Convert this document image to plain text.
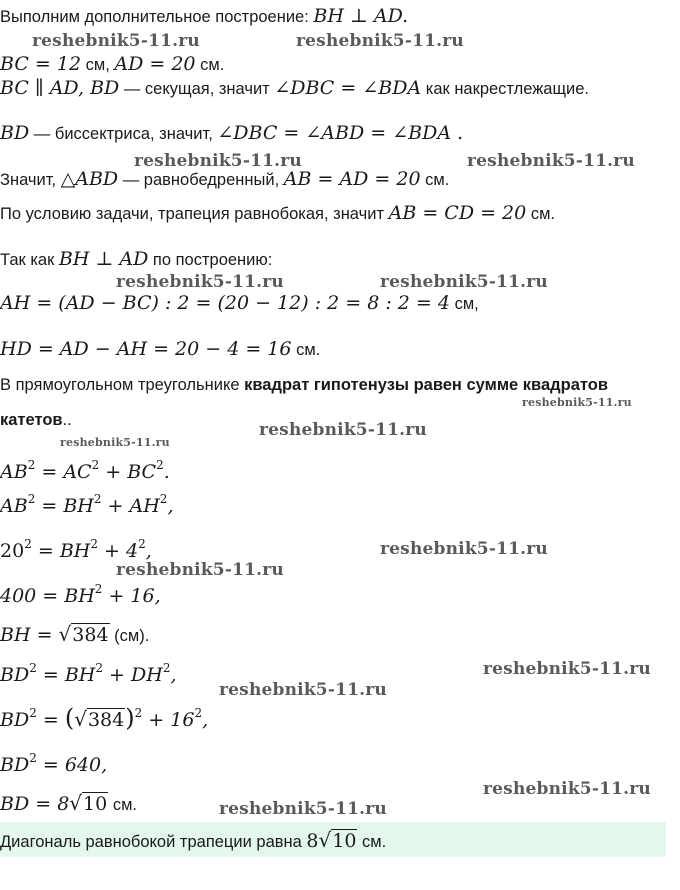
Выполним дополнительное построение: BH ⊥ AD.
BC = 12 см, AD = 20 см.
BC ∥ AD, BD — секущая, значит ∠DBC = ∠BDA как накрестлежащие.
BD — биссектриса, значит, ∠DBC = ∠ABD = ∠BDA .
Значит, △ABD — равнобедренный, AB = AD = 20 см.
По условию задачи, трапеция равнобокая, значит AB = CD = 20 см.
Так как BH ⊥ AD по построению:
AH = (AD − BC) : 2 = (20 − 12) : 2 = 8 : 2 = 4 см,
HD = AD − AH = 20 − 4 = 16 см.
В прямоугольном треугольнике квадрат гипотенузы равен сумме квадратов
катетов..
$AB^2 = AC^2 + BC^2$.
$AB^2 = BH^2 + AH^2$,
$20^2 = BH^2 + 4^2$,
$400 = BH^2 + 16$,
BH = √384 (см).
$BD^2 = BH^2 + DH^2$,
$BD^2 = (√384)^2 + 16^2$,
$BD^2 = 640$,
BD = 8√10 см.
Диагональ равнобокой трапеции равна 8√10 см.
reshebnik5-11.ru	reshebnik5-11.ru
reshebnik5-11.ru	reshebnik5-11.ru
reshebnik5-11.ru	reshebnik5-11.ru
reshebnik5-11.ru
reshebnik5-11.ru
reshebnik5-11.ru
reshebnik5-11.ru
reshebnik5-11.ru
reshebnik5-11.ru
reshebnik5-11.ru
reshebnik5-11.ru
reshebnik5-11.ru
